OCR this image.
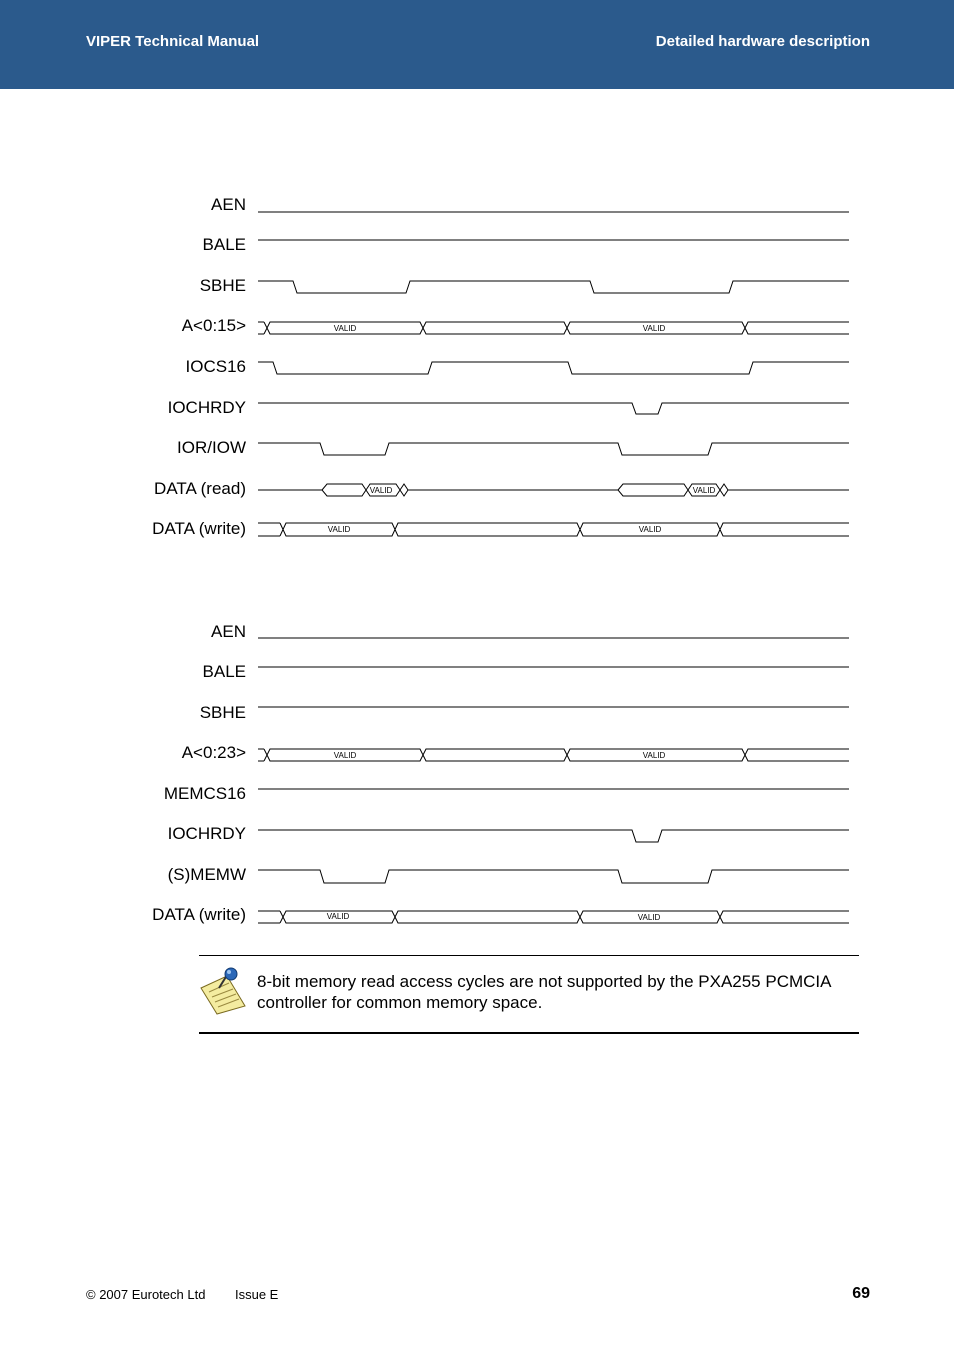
VIPER Technical Manual	Detailed hardware description
AEN
BALE
SBHE
A<0:15>
IOCS16
IOCHRDY
IOR/IOW
DATA (read)
DATA (write)
VALID	VALID
VALID	VALID
VALID	VALID
AEN
BALE
SBHE
A<0:23>
MEMCS16
IOCHRDY
(S)MEMW
DATA (write)
VALID	VALID
VALID	VALID
8-bit memory read access cycles are not supported by the PXA255 PCMCIA controller for common memory space.
© 2007 Eurotech Ltd Issue E	69
